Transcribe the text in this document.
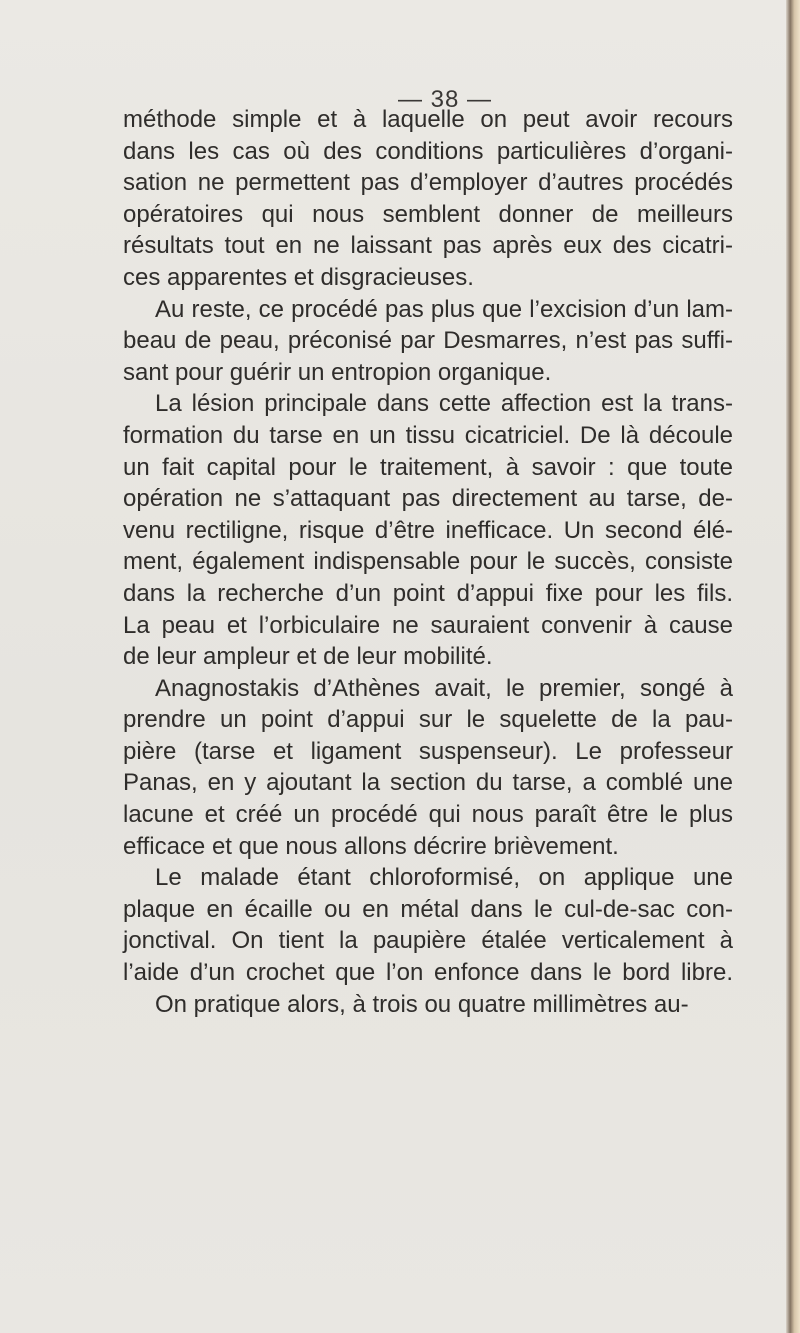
— 38 —
méthode simple et à laquelle on peut avoir recours
dans les cas où des conditions particulières d’organi-
sation ne permettent pas d’employer d’autres procédés
opératoires qui nous semblent donner de meilleurs
résultats tout en ne laissant pas après eux des cicatri-
ces apparentes et disgracieuses.
Au reste, ce procédé pas plus que l’excision d’un lam-
beau de peau, préconisé par Desmarres, n’est pas suffi-
sant pour guérir un entropion organique.
La lésion principale dans cette affection est la trans-
formation du tarse en un tissu cicatriciel. De là découle
un fait capital pour le traitement, à savoir : que toute
opération ne s’attaquant pas directement au tarse, de-
venu rectiligne, risque d’être inefficace. Un second élé-
ment, également indispensable pour le succès, consiste
dans la recherche d’un point d’appui fixe pour les fils.
La peau et l’orbiculaire ne sauraient convenir à cause
de leur ampleur et de leur mobilité.
Anagnostakis d’Athènes avait, le premier, songé à
prendre un point d’appui sur le squelette de la pau-
pière (tarse et ligament suspenseur). Le professeur
Panas, en y ajoutant la section du tarse, a comblé une
lacune et créé un procédé qui nous paraît être le plus
efficace et que nous allons décrire brièvement.
Le malade étant chloroformisé, on applique une
plaque en écaille ou en métal dans le cul-de-sac con-
jonctival. On tient la paupière étalée verticalement à
l’aide d’un crochet que l’on enfonce dans le bord libre.
On pratique alors, à trois ou quatre millimètres au-
